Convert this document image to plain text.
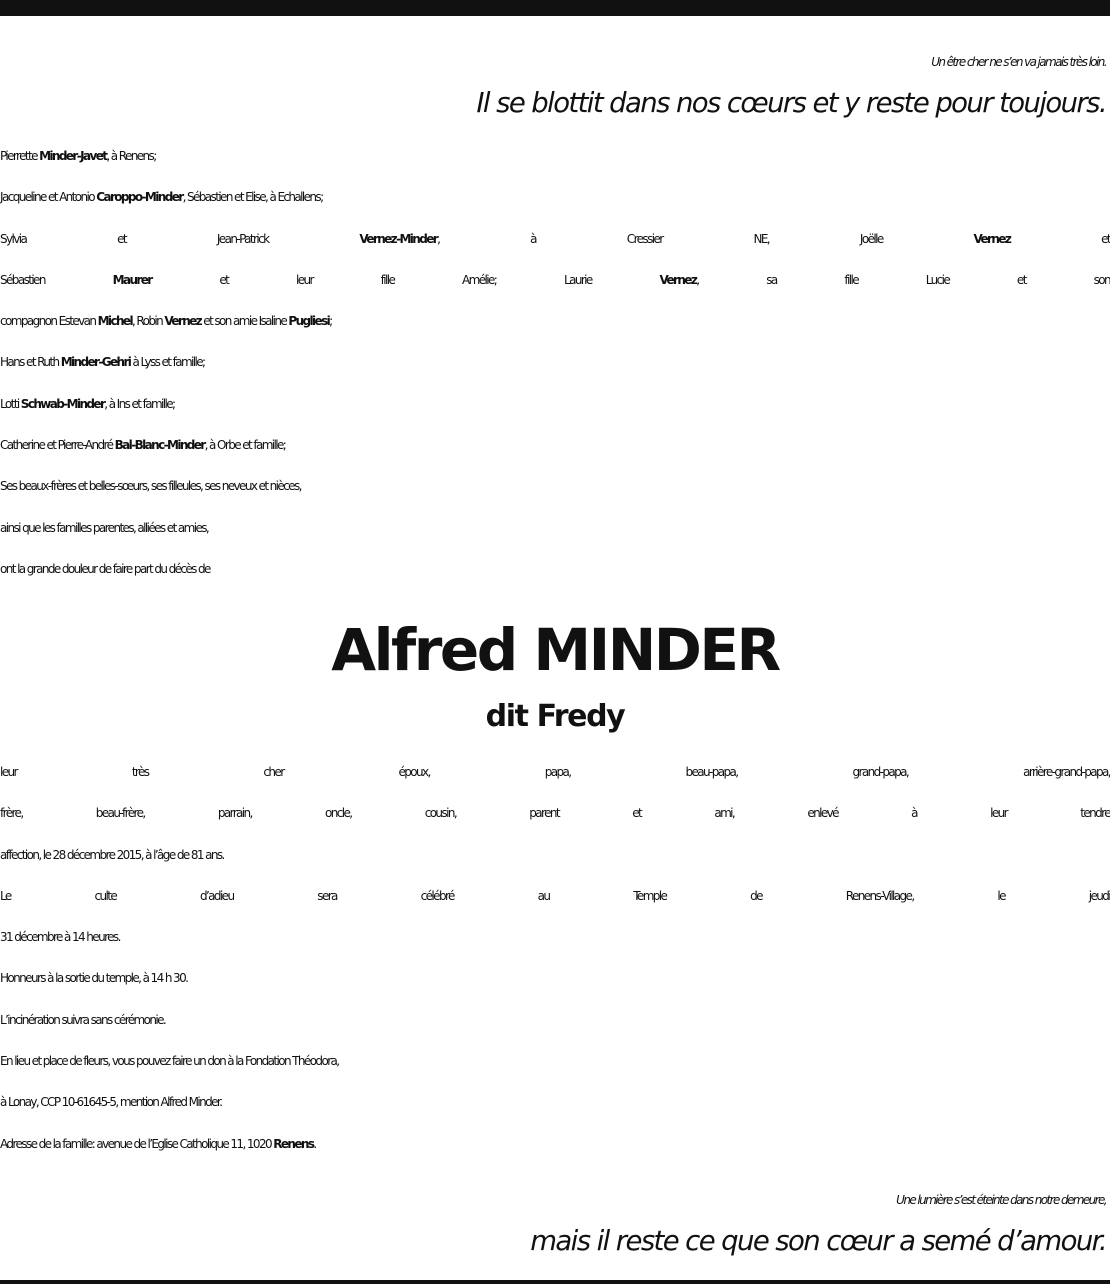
Un être cher ne s’en va jamais très loin.
Il se blottit dans nos cœurs et y reste pour toujours.
Pierrette Minder-Javet, à Renens;
Jacqueline et Antonio Caroppo-Minder, Sébastien et Elise, à Echallens;
Sylvia et Jean-Patrick Vernez-Minder, à Cressier NE, Joëlle Vernez et
Sébastien Maurer et leur fille Amélie; Laurie Vernez, sa fille Lucie et son
compagnon Estevan Michel, Robin Vernez et son amie Isaline Pugliesi;
Hans et Ruth Minder-Gehri à Lyss et famille;
Lotti Schwab-Minder, à Ins et famille;
Catherine et Pierre-André Bal-Blanc-Minder, à Orbe et famille;
Ses beaux-frères et belles-sœurs, ses filleules, ses neveux et nièces,
ainsi que les familles parentes, alliées et amies,
ont la grande douleur de faire part du décès de
Alfred MINDER
dit Fredy
leur très cher époux, papa, beau-papa, grand-papa, arrière-grand-papa,
frère, beau-frère, parrain, oncle, cousin, parent et ami, enlevé à leur tendre
affection, le 28 décembre 2015, à l’âge de 81 ans.
Le culte d’adieu sera célébré au Temple de Renens-Village, le jeudi
31 décembre à 14 heures.
Honneurs à la sortie du temple, à 14 h 30.
L’incinération suivra sans cérémonie.
En lieu et place de fleurs, vous pouvez faire un don à la Fondation Théodora,
à Lonay, CCP 10-61645-5, mention Alfred Minder.
Adresse de la famille: avenue de l’Eglise Catholique 11, 1020 Renens.
Une lumière s’est éteinte dans notre demeure,
mais il reste ce que son cœur a semé d’amour.
